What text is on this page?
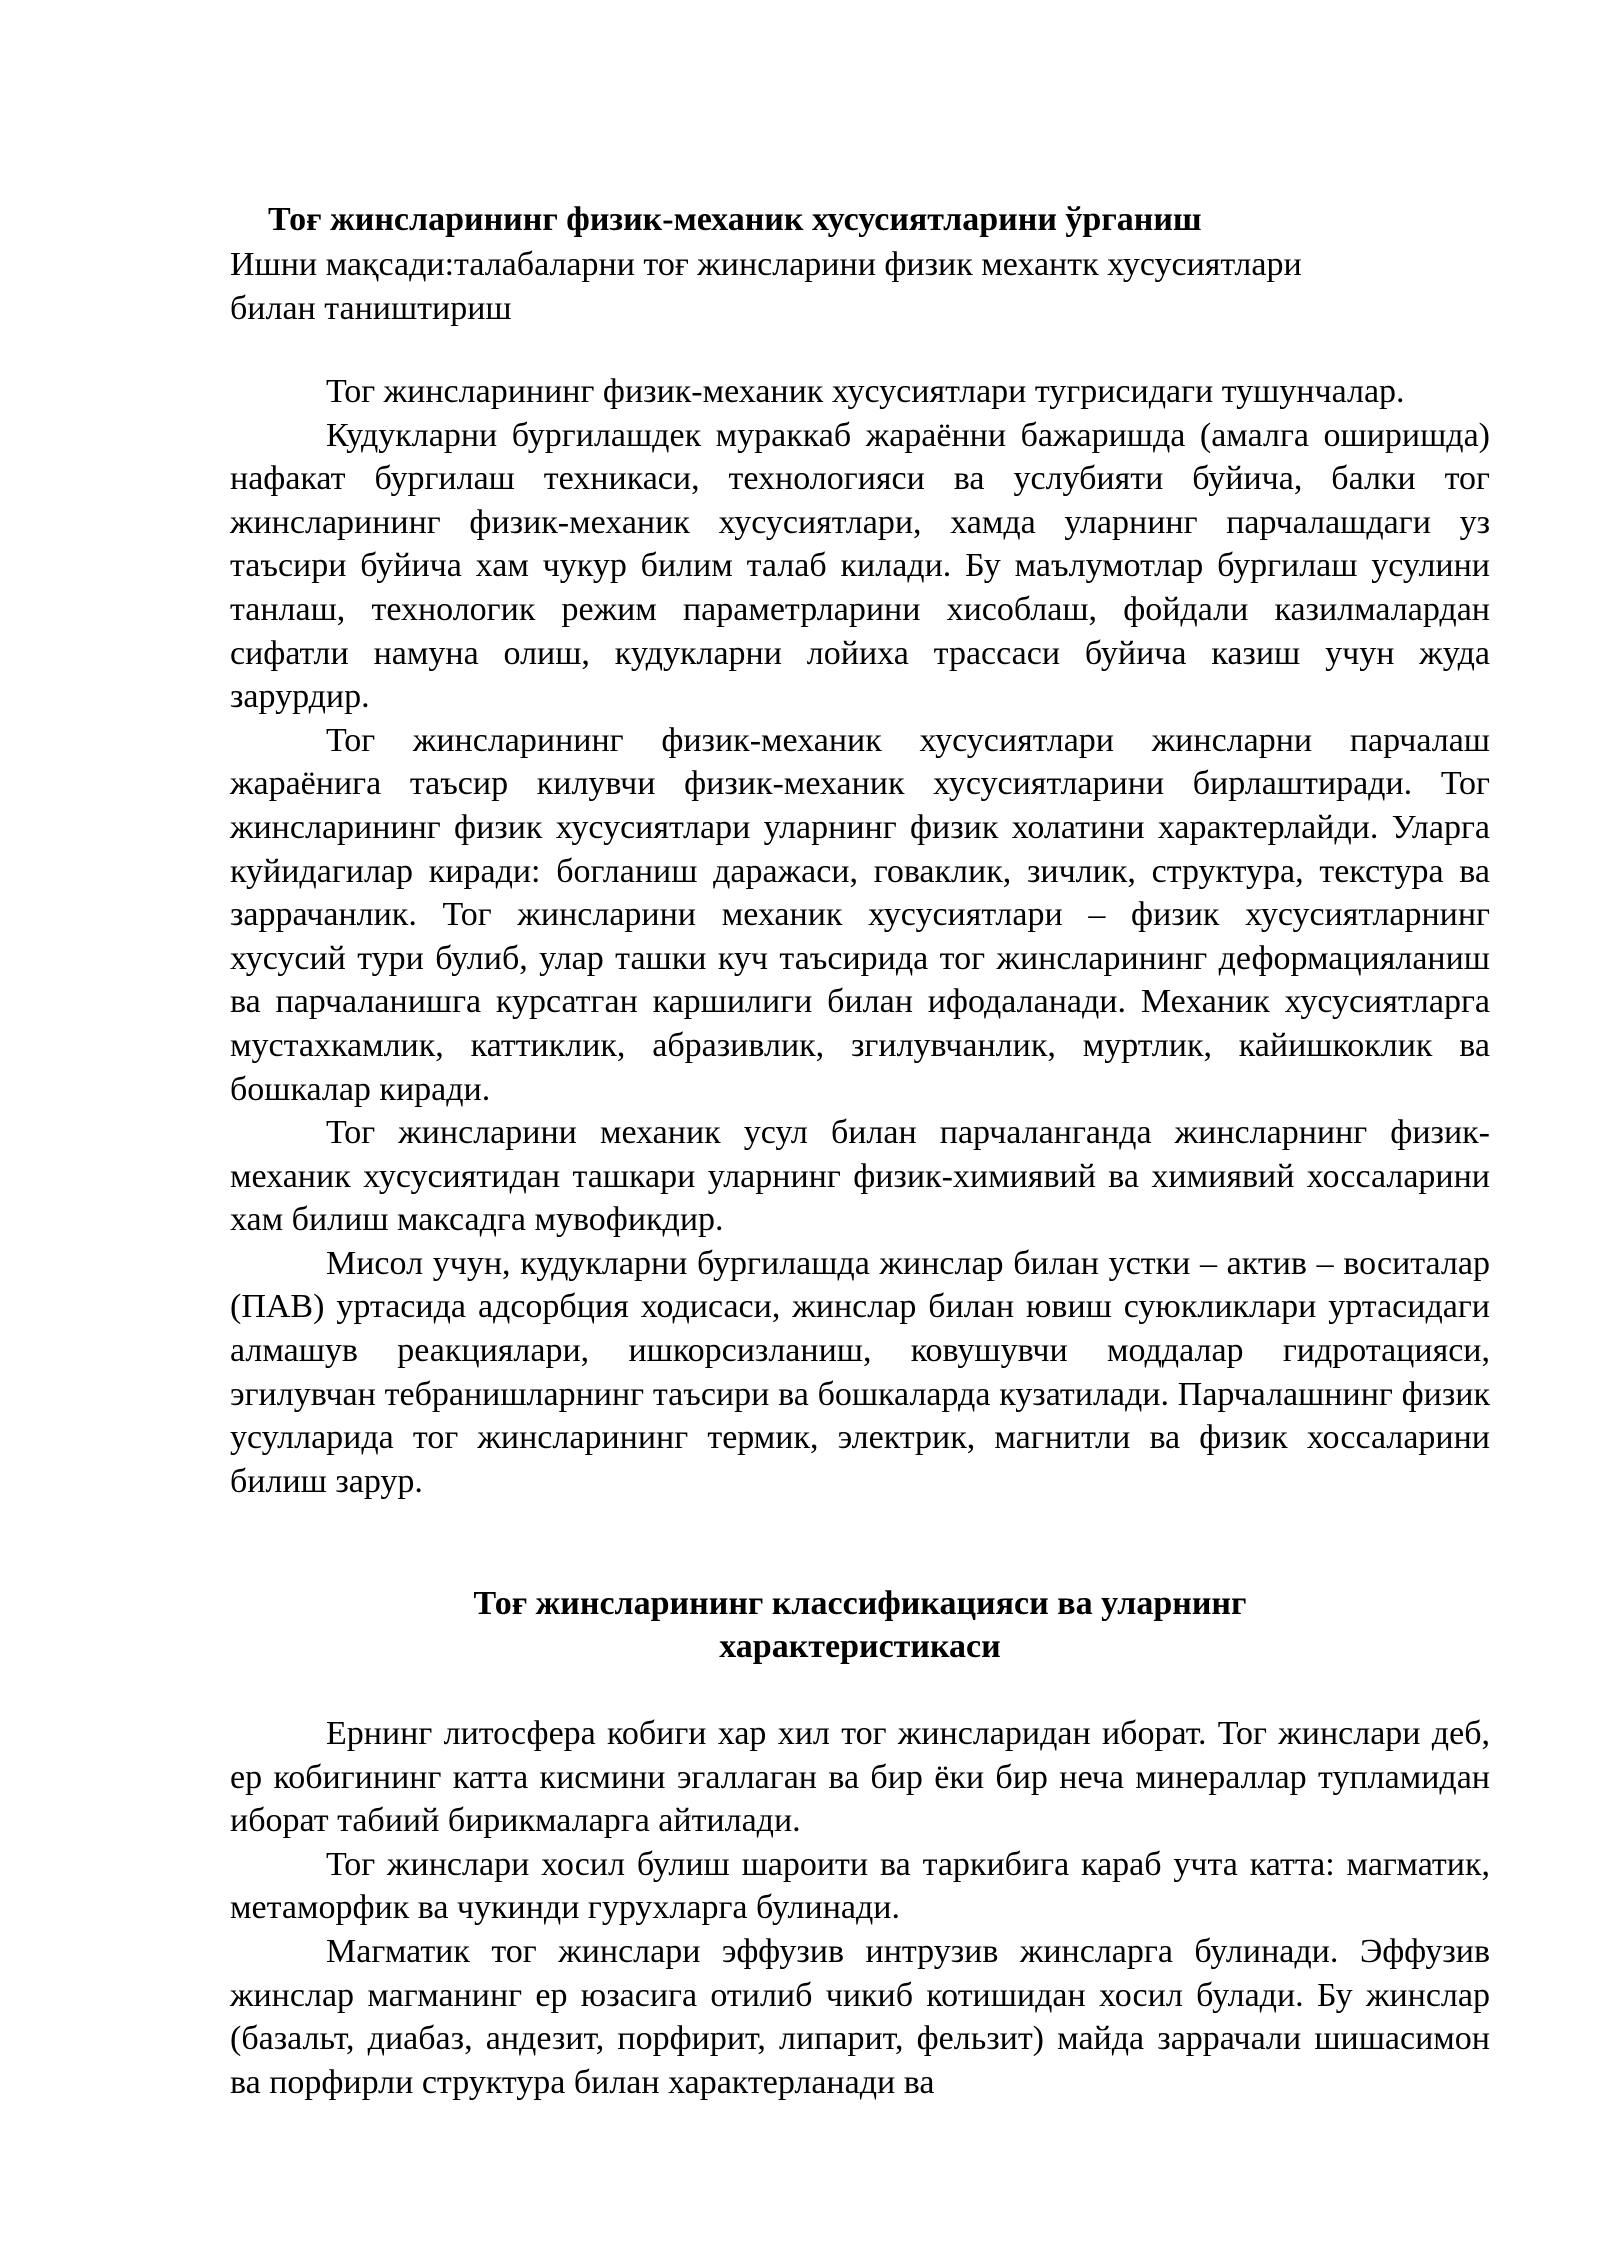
Тоғ жинсларининг физик-механик хусусиятларини ўрганиш

Ишни мақсади:талабаларни тоғ жинсларини физик механтк хусусиятлари

билан таништириш

Тог жинсларининг физик-механик хусусиятлари тугрисидаги тушунчалар.

Кудукларни бургилашдек мураккаб жараённи бажаришда (амалга оширишда) нафакат бургилаш техникаси, технологияси ва услубияти буйича, балки тог жинсларининг физик-механик хусусиятлари, хамда уларнинг парчалашдаги уз таъсири буйича хам чукур билим талаб килади. Бу маълумотлар бургилаш усулини танлаш, технологик режим параметрларини хисоблаш, фойдали казилмалардан сифатли намуна олиш, кудукларни лойиха трассаси буйича казиш учун жуда зарурдир.

Тог жинсларининг физик-механик хусусиятлари жинсларни парчалаш жараёнига таъсир килувчи физик-механик хусусиятларини бирлаштиради. Тог жинсларининг физик хусусиятлари уларнинг физик холатини характерлайди. Уларга куйидагилар киради: богланиш даражаси, говаклик, зичлик, структура, текстура ва заррачанлик. Тог жинсларини механик хусусиятлари – физик хусусиятларнинг хусусий тури булиб, улар ташки куч таъсирида тог жинсларининг деформацияланиш ва парчаланишга курсатган каршилиги билан ифодаланади. Механик хусусиятларга мустахкамлик, каттиклик, абразивлик, згилувчанлик, муртлик, кайишкоклик ва бошкалар киради.

Тог жинсларини механик усул билан парчаланганда жинсларнинг физик-механик хусусиятидан ташкари уларнинг физик-химиявий ва химиявий хоссаларини хам билиш максадга мувофикдир.

Мисол учун, кудукларни бургилашда жинслар билан устки – актив – воситалар (ПАВ) уртасида адсорбция ходисаси, жинслар билан ювиш суюкликлари уртасидаги алмашув реакциялари, ишкорсизланиш, ковушувчи моддалар гидротацияси, эгилувчан тебранишларнинг таъсири ва бошкаларда кузатилади. Парчалашнинг физик усулларида тог жинсларининг термик, электрик, магнитли ва физик хоссаларини билиш зарур.

Тоғ жинсларининг классификацияси ва уларнинг
характеристикаси

Ернинг литосфера кобиги хар хил тог жинсларидан иборат. Тог жинслари деб, ер кобигининг катта кисмини эгаллаган ва бир ёки бир неча минераллар тупламидан иборат табиий бирикмаларга айтилади.

Тог жинслари хосил булиш шароити ва таркибига караб учта катта: магматик, метаморфик ва чукинди гурухларга булинади.

Магматик тог жинслари эффузив интрузив жинсларга булинади. Эффузив жинслар магманинг ер юзасига отилиб чикиб котишидан хосил булади. Бу жинслар (базальт, диабаз, андезит, порфирит, липарит, фельзит) майда заррачали шишасимон ва порфирли структура билан характерланади ва
